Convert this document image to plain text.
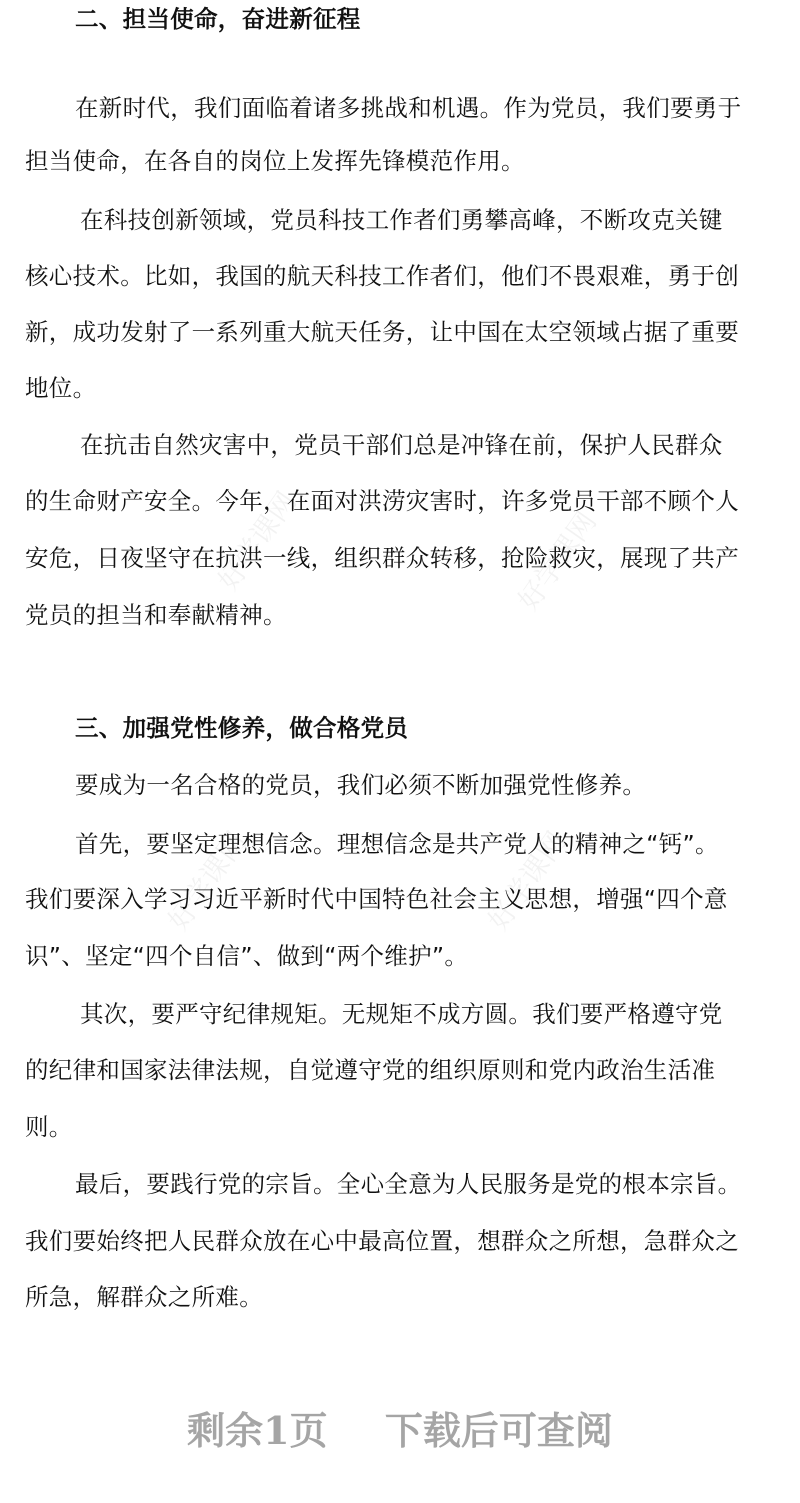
好学课网	好学课网
好学课网	好学课网
二、担当使命，奋进新征程
在新时代，我们面临着诸多挑战和机遇。作为党员，我们要勇于
担当使命，在各自的岗位上发挥先锋模范作用。
在科技创新领域，党员科技工作者们勇攀高峰，不断攻克关键
核心技术。比如，我国的航天科技工作者们，他们不畏艰难，勇于创
新，成功发射了一系列重大航天任务，让中国在太空领域占据了重要
地位。
在抗击自然灾害中，党员干部们总是冲锋在前，保护人民群众
的生命财产安全。今年，在面对洪涝灾害时，许多党员干部不顾个人
安危，日夜坚守在抗洪一线，组织群众转移，抢险救灾，展现了共产
党员的担当和奉献精神。
三、加强党性修养，做合格党员
要成为一名合格的党员，我们必须不断加强党性修养。
首先，要坚定理想信念。理想信念是共产党人的精神之“钙”。
我们要深入学习习近平新时代中国特色社会主义思想，增强“四个意
识”、坚定“四个自信”、做到“两个维护”。
其次，要严守纪律规矩。无规矩不成方圆。我们要严格遵守党
的纪律和国家法律法规，自觉遵守党的组织原则和党内政治生活准
则。
最后，要践行党的宗旨。全心全意为人民服务是党的根本宗旨。
我们要始终把人民群众放在心中最高位置，想群众之所想，急群众之
所急，解群众之所难。
剩余1页 下载后可查阅
